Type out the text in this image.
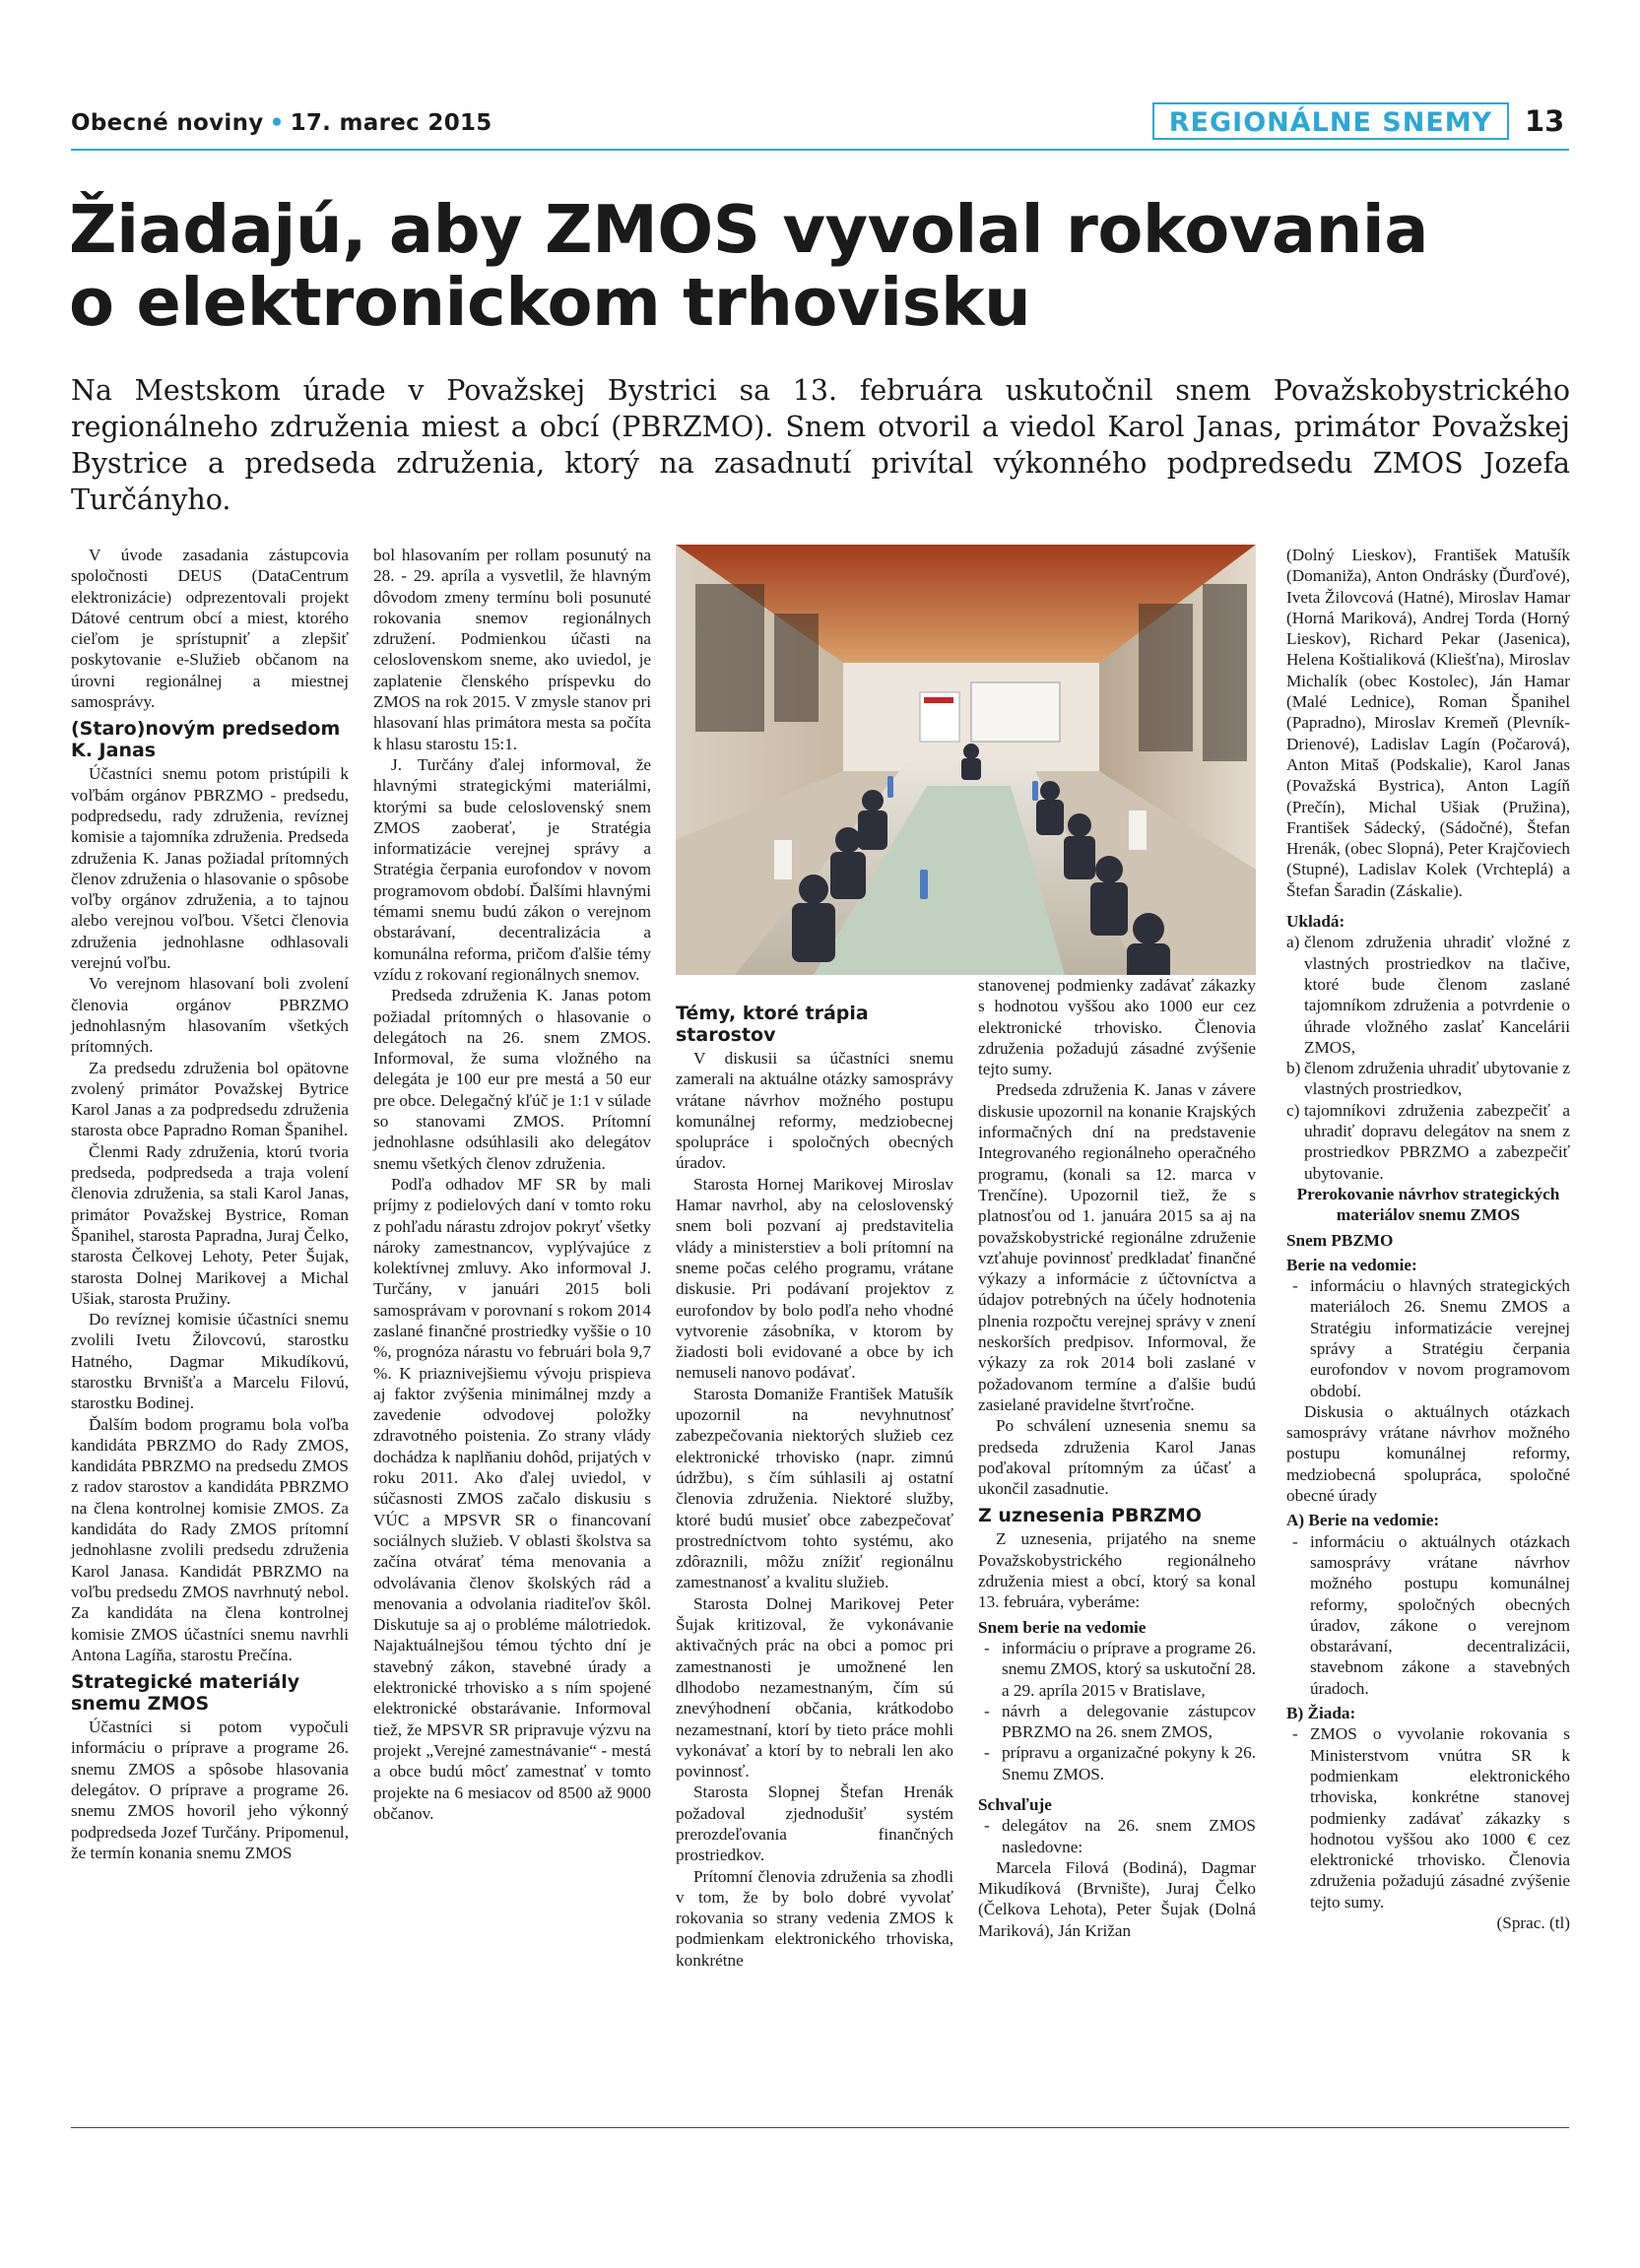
Obecné noviny • 17. marec 2015	REGIONÁLNE SNEMY	13
Žiadajú, aby ZMOS vyvolal rokovania
o elektronickom trhovisku
Na Mestskom úrade v Považskej Bystrici sa 13. februára uskutočnil snem Považskobystrického regionálneho združenia miest a obcí (PBRZMO). Snem otvoril a viedol Karol Janas, primátor Považskej Bystrice a predseda združenia, ktorý na zasadnutí privítal výkonného podpredsedu ZMOS Jozefa Turčányho.

V úvode zasadania zástupcovia spoločnosti DEUS (DataCentrum elektronizácie) odprezentovali projekt Dátové centrum obcí a miest, ktorého cieľom je sprístupniť a zlepšiť poskytovanie e-Služieb občanom na úrovni regionálnej a miestnej samosprávy.

(Staro)novým predsedom K. Janas

Účastníci snemu potom pristúpili k voľbám orgánov PBRZMO - predsedu, podpredsedu, rady združenia, revíznej komisie a tajomníka združenia. Predseda združenia K. Janas požiadal prítomných členov združenia o hlasovanie o spôsobe voľby orgánov združenia, a to tajnou alebo verejnou voľbou. Všetci členovia združenia jednohlasne odhlasovali verejnú voľbu.

Vo verejnom hlasovaní boli zvolení členovia orgánov PBRZMO jednohlasným hlasovaním všetkých prítomných.

Za predsedu združenia bol opätovne zvolený primátor Považskej Bytrice Karol Janas a za podpredsedu združenia starosta obce Papradno Roman Španihel.

Členmi Rady združenia, ktorú tvoria predseda, podpredseda a traja volení členovia združenia, sa stali Karol Janas, primátor Považskej Bystrice, Roman Španihel, starosta Papradna, Juraj Čelko, starosta Čelkovej Lehoty, Peter Šujak, starosta Dolnej Marikovej a Michal Ušiak, starosta Pružiny.

Do revíznej komisie účastníci snemu zvolili Ivetu Žilovcovú, starostku Hatného, Dagmar Mikudíkovú, starostku Brvnišťa a Marcelu Filovú, starostku Bodinej.

Ďalším bodom programu bola voľba kandidáta PBRZMO do Rady ZMOS, kandidáta PBRZMO na predsedu ZMOS z radov starostov a kandidáta PBRZMO na člena kontrolnej komisie ZMOS. Za kandidáta do Rady ZMOS prítomní jednohlasne zvolili predsedu združenia Karol Janasa. Kandidát PBRZMO na voľbu predsedu ZMOS navrhnutý nebol. Za kandidáta na člena kontrolnej komisie ZMOS účastníci snemu navrhli Antona Lagíňa, starostu Prečína.

Strategické materiály snemu ZMOS

Účastníci si potom vypočuli informáciu o príprave a programe 26. snemu ZMOS a spôsobe hlasovania delegátov. O príprave a programe 26. snemu ZMOS hovoril jeho výkonný podpredseda Jozef Turčány. Pripomenul, že termín konania snemu ZMOS

bol hlasovaním per rollam posunutý na 28. - 29. apríla a vysvetlil, že hlavným dôvodom zmeny termínu boli posunuté rokovania snemov regionálnych združení. Podmienkou účasti na celoslovenskom sneme, ako uviedol, je zaplatenie členského príspevku do ZMOS na rok 2015. V zmysle stanov pri hlasovaní hlas primátora mesta sa počíta k hlasu starostu 15:1.

J. Turčány ďalej informoval, že hlavnými strategickými materiálmi, ktorými sa bude celoslovenský snem ZMOS zaoberať, je Stratégia informatizácie verejnej správy a Stratégia čerpania eurofondov v novom programovom období. Ďalšími hlavnými témami snemu budú zákon o verejnom obstarávaní, decentralizácia a komunálna reforma, pričom ďalšie témy vzídu z rokovaní regionálnych snemov.

Predseda združenia K. Janas potom požiadal prítomných o hlasovanie o delegátoch na 26. snem ZMOS. Informoval, že suma vložného na delegáta je 100 eur pre mestá a 50 eur pre obce. Delegačný kľúč je 1:1 v súlade so stanovami ZMOS. Prítomní jednohlasne odsúhlasili ako delegátov snemu všetkých členov združenia.

Podľa odhadov MF SR by mali príjmy z podielových daní v tomto roku z pohľadu nárastu zdrojov pokryť všetky nároky zamestnancov, vyplývajúce z kolektívnej zmluvy. Ako informoval J. Turčány, v januári 2015 boli samosprávam v porovnaní s rokom 2014 zaslané finančné prostriedky vyššie o 10 %, prognóza nárastu vo februári bola 9,7 %. K priaznivejšiemu vývoju prispieva aj faktor zvýšenia minimálnej mzdy a zavedenie odvodovej položky zdravotného poistenia. Zo strany vlády dochádza k naplňaniu dohôd, prijatých v roku 2011. Ako ďalej uviedol, v súčasnosti ZMOS začalo diskusiu s VÚC a MPSVR SR o financovaní sociálnych služieb. V oblasti školstva sa začína otvárať téma menovania a odvolávania členov školských rád a menovania a odvolania riaditeľov škôl. Diskutuje sa aj o probléme málotriedok. Najaktuálnejšou témou týchto dní je stavebný zákon, stavebné úrady a elektronické trhovisko a s ním spojené elektronické obstarávanie. Informoval tiež, že MPSVR SR pripravuje výzvu na projekt „Verejné zamestnávanie“ - mestá a obce budú môcť zamestnať v tomto projekte na 6 mesiacov od 8500 až 9000 občanov.

Témy, ktoré trápia starostov

V diskusii sa účastníci snemu zamerali na aktuálne otázky samosprávy vrátane návrhov možného postupu komunálnej reformy, medziobecnej spolupráce i spoločných obecných úradov.

Starosta Hornej Marikovej Miroslav Hamar navrhol, aby na celoslovenský snem boli pozvaní aj predstavitelia vlády a ministerstiev a boli prítomní na sneme počas celého programu, vrátane diskusie. Pri podávaní projektov z eurofondov by bolo podľa neho vhodné vytvorenie zásobníka, v ktorom by žiadosti boli evidované a obce by ich nemuseli nanovo podávať.

Starosta Domaniže František Matušík upozornil na nevyhnutnosť zabezpečovania niektorých služieb cez elektronické trhovisko (napr. zimnú údržbu), s čím súhlasili aj ostatní členovia združenia. Niektoré služby, ktoré budú musieť obce zabezpečovať prostredníctvom tohto systému, ako zdôraznili, môžu znížiť regionálnu zamestnanosť a kvalitu služieb.

Starosta Dolnej Marikovej Peter Šujak kritizoval, že vykonávanie aktivačných prác na obci a pomoc pri zamestnanosti je umožnené len dlhodobo nezamestnaným, čím sú znevýhodnení občania, krátkodobo nezamestnaní, ktorí by tieto práce mohli vykonávať a ktorí by to nebrali len ako povinnosť.

Starosta Slopnej Štefan Hrenák požadoval zjednodušiť systém prerozdeľovania finančných prostriedkov.

Prítomní členovia združenia sa zhodli v tom, že by bolo dobré vyvolať rokovania so strany vedenia ZMOS k podmienkam elektronického trhoviska, konkrétne

stanovenej podmienky zadávať zákazky s hodnotou vyššou ako 1000 eur cez elektronické trhovisko. Členovia združenia požadujú zásadné zvýšenie tejto sumy.

Predseda združenia K. Janas v závere diskusie upozornil na konanie Krajských informačných dní na predstavenie Integrovaného regionálneho operačného programu, (konali sa 12. marca v Trenčíne). Upozornil tiež, že s platnosťou od 1. januára 2015 sa aj na považskobystrické regionálne združenie vzťahuje povinnosť predkladať finančné výkazy a informácie z účtovníctva a údajov potrebných na účely hodnotenia plnenia rozpočtu verejnej správy v znení neskorších predpisov. Informoval, že výkazy za rok 2014 boli zaslané v požadovanom termíne a ďalšie budú zasielané pravidelne štvrťročne.

Po schválení uznesenia snemu sa predseda združenia Karol Janas poďakoval prítomným za účasť a ukončil zasadnutie.

Z uznesenia PBRZMO

Z uznesenia, prijatého na sneme Považskobystrického regionálneho združenia miest a obcí, ktorý sa konal 13. februára, vyberáme:

Snem berie na vedomie

- informáciu o príprave a programe 26. snemu ZMOS, ktorý sa uskutoční 28. a 29. apríla 2015 v Bratislave,

- návrh a delegovanie zástupcov PBRZMO na 26. snem ZMOS,

- prípravu a organizačné pokyny k 26. Snemu ZMOS.

Schvaľuje

- delegátov na 26. snem ZMOS nasledovne:

Marcela Filová (Bodiná), Dagmar Mikudíková (Brvnište), Juraj Čelko (Čelkova Lehota), Peter Šujak (Dolná Mariková), Ján Križan

(Dolný Lieskov), František Matušík (Domaniža), Anton Ondrásky (Ďurďové), Iveta Žilovcová (Hatné), Miroslav Hamar (Horná Mariková), Andrej Torda (Horný Lieskov), Richard Pekar (Jasenica), Helena Koštialiková (Kliešťna), Miroslav Michalík (obec Kostolec), Ján Hamar (Malé Lednice), Roman Španihel (Papradno), Miroslav Kremeň (Plevník-Drienové), Ladislav Lagín (Počarová), Anton Mitaš (Podskalie), Karol Janas (Považská Bystrica), Anton Lagíň (Prečín), Michal Ušiak (Pružina), František Sádecký, (Sádočné), Štefan Hrenák, (obec Slopná), Peter Krajčoviech (Stupné), Ladislav Kolek (Vrchteplá) a Štefan Šaradin (Záskalie).

Ukladá:

a) členom združenia uhradiť vložné z vlastných prostriedkov na tlačive, ktoré bude členom zaslané tajomníkom združenia a potvrdenie o úhrade vložného zaslať Kancelárii ZMOS,

b) členom združenia uhradiť ubytovanie z vlastných prostriedkov,

c) tajomníkovi združenia zabezpečiť a uhradiť dopravu delegátov na snem z prostriedkov PBRZMO a zabezpečiť ubytovanie.

Prerokovanie návrhov strategických materiálov snemu ZMOS

Snem PBZMO

Berie na vedomie:

- informáciu o hlavných strategických materiáloch 26. Snemu ZMOS a Stratégiu informatizácie verejnej správy a Stratégiu čerpania eurofondov v novom programovom období.

Diskusia o aktuálnych otázkach samosprávy vrátane návrhov možného postupu komunálnej reformy, medziobecná spolupráca, spoločné obecné úrady

A) Berie na vedomie:

- informáciu o aktuálnych otázkach samosprávy vrátane návrhov možného postupu komunálnej reformy, spoločných obecných úradov, zákone o verejnom obstarávaní, decentralizácii, stavebnom zákone a stavebných úradoch.

B) Žiada:

- ZMOS o vyvolanie rokovania s Ministerstvom vnútra SR k podmienkam elektronického trhoviska, konkrétne stanovej podmienky zadávať zákazky s hodnotou vyššou ako 1000 € cez elektronické trhovisko. Členovia združenia požadujú zásadné zvýšenie tejto sumy.

(Sprac. (tl)
